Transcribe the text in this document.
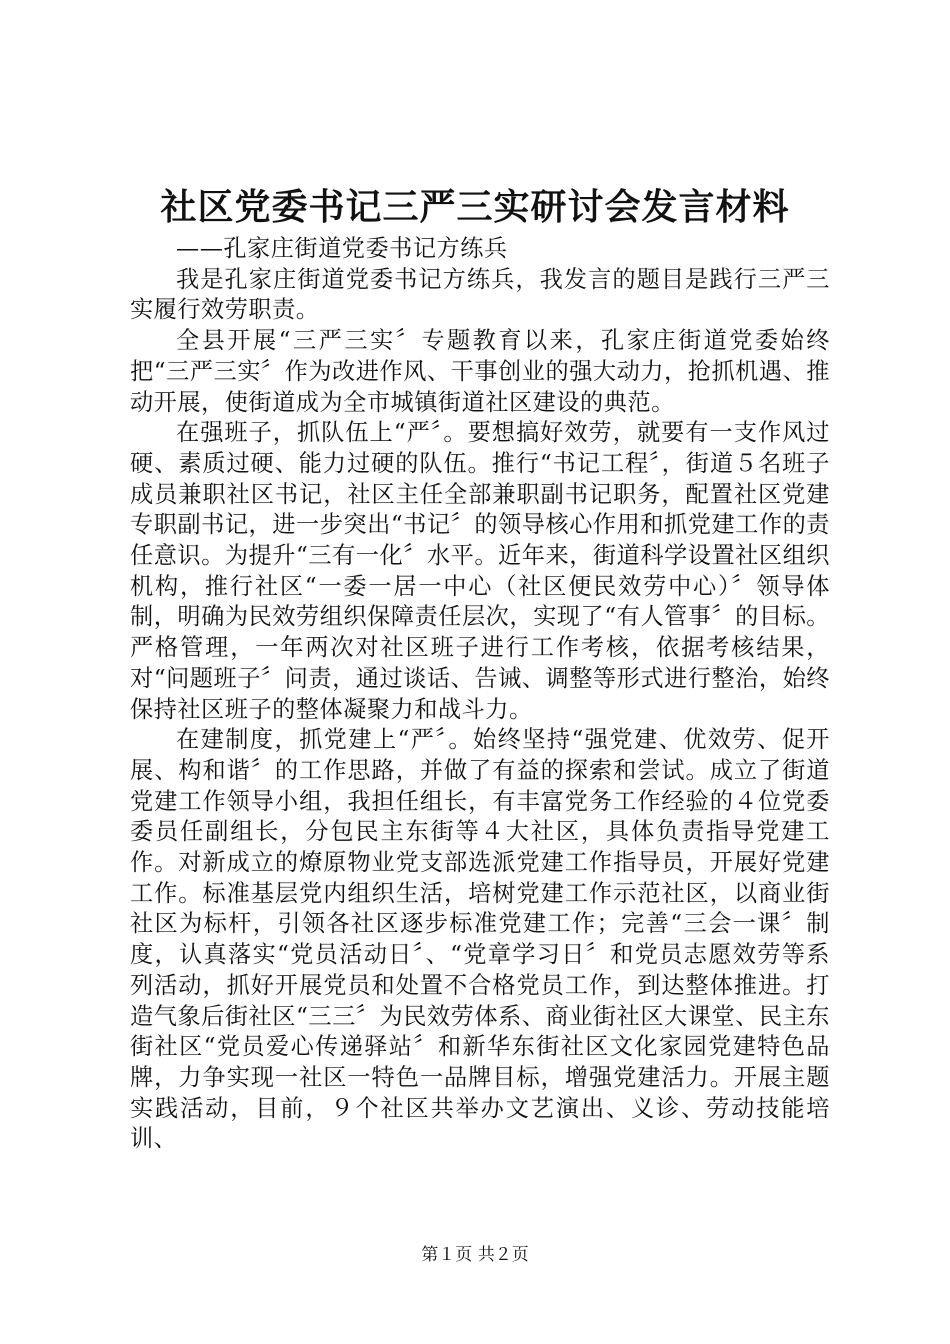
社区党委书记三严三实研讨会发言材料

——孔家庄街道党委书记方练兵

我是孔家庄街道党委书记方练兵，我发言的题目是践行三严三实履行效劳职责。

全县开展“三严三实〞专题教育以来，孔家庄街道党委始终把“三严三实〞作为改进作风、干事创业的强大动力，抢抓机遇、推动开展，使街道成为全市城镇街道社区建设的典范。

在强班子，抓队伍上“严〞。要想搞好效劳，就要有一支作风过硬、素质过硬、能力过硬的队伍。推行“书记工程〞，街道５名班子成员兼职社区书记，社区主任全部兼职副书记职务，配置社区党建专职副书记，进一步突出“书记〞的领导核心作用和抓党建工作的责任意识。为提升“三有一化〞水平。近年来，街道科学设置社区组织机构，推行社区“一委一居一中心（社区便民效劳中心）〞领导体制，明确为民效劳组织保障责任层次，实现了“有人管事〞的目标。严格管理，一年两次对社区班子进行工作考核，依据考核结果，对“问题班子〞问责，通过谈话、告诫、调整等形式进行整治，始终保持社区班子的整体凝聚力和战斗力。

在建制度，抓党建上“严〞。始终坚持“强党建、优效劳、促开展、构和谐〞的工作思路，并做了有益的探索和尝试。成立了街道党建工作领导小组，我担任组长，有丰富党务工作经验的４位党委委员任副组长，分包民主东街等４大社区，具体负责指导党建工作。对新成立的燎原物业党支部选派党建工作指导员，开展好党建工作。标准基层党内组织生活，培树党建工作示范社区，以商业街社区为标杆，引领各社区逐步标准党建工作；完善“三会一课〞制度，认真落实“党员活动日〞、“党章学习日〞和党员志愿效劳等系列活动，抓好开展党员和处置不合格党员工作，到达整体推进。打造气象后街社区“三三〞为民效劳体系、商业街社区大课堂、民主东街社区“党员爱心传递驿站〞和新华东街社区文化家园党建特色品牌，力争实现一社区一特色一品牌目标，增强党建活力。开展主题实践活动，目前，９个社区共举办文艺演出、义诊、劳动技能培训、

第１页 共２页
